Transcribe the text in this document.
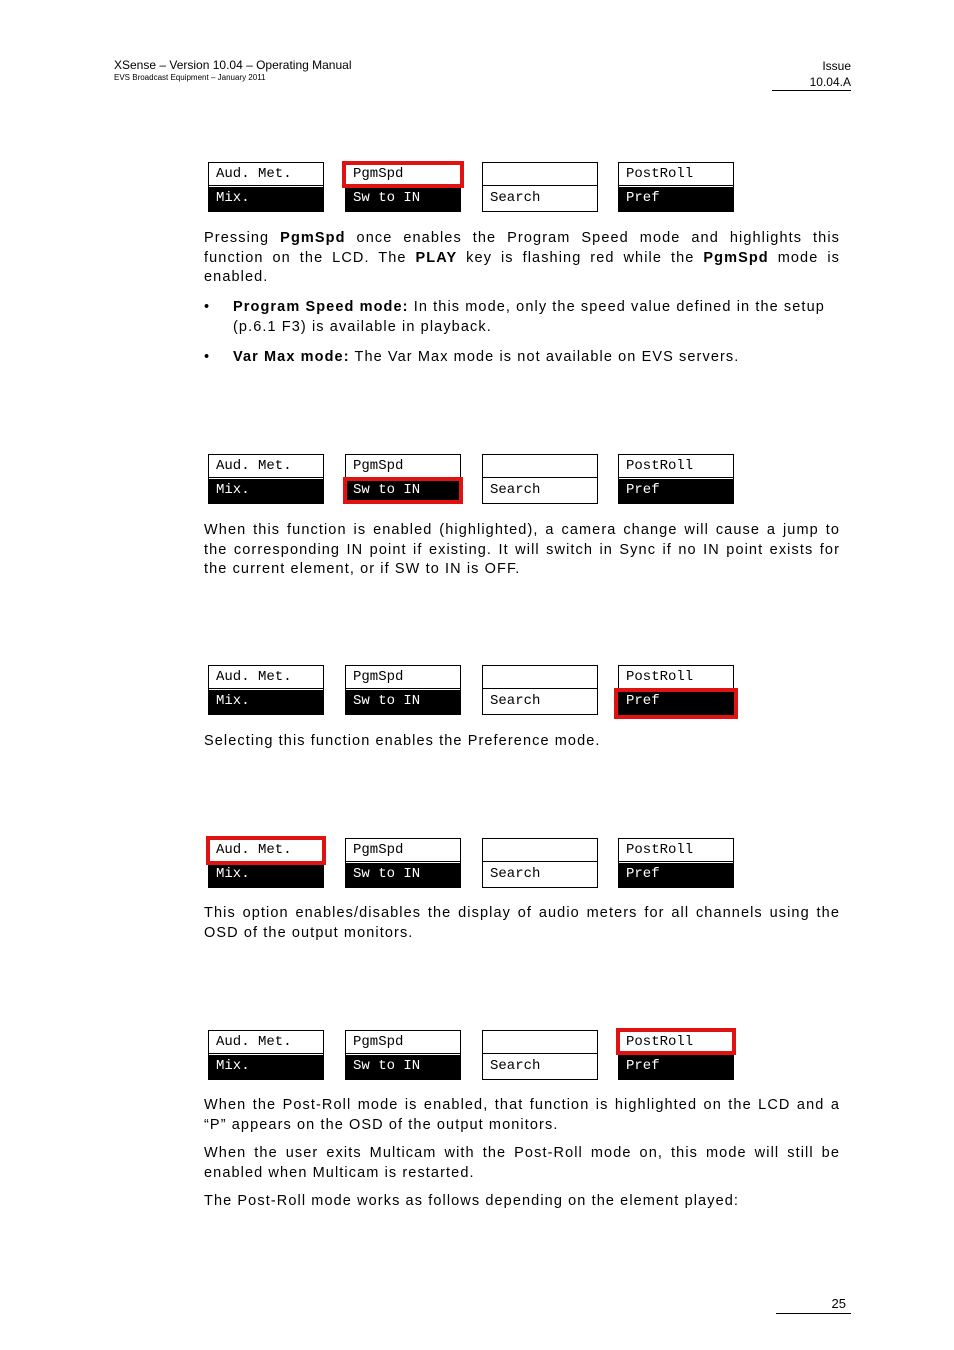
XSense – Version 10.04 – Operating Manual
EVS Broadcast Equipment – January 2011
Issue
10.04.A
Aud. Met.
Mix.
PgmSpd
Sw to IN	Search
PostRoll
Pref
Pressing PgmSpd once enables the Program Speed mode and highlights this function on the LCD. The PLAY key is flashing red while the PgmSpd mode is enabled.
• Program Speed mode: In this mode, only the speed value defined in the setup (p.6.1 F3) is available in playback.
• Var Max mode: The Var Max mode is not available on EVS servers.
Aud. Met.
Mix.
PgmSpd
Sw to IN	Search
PostRoll
Pref
When this function is enabled (highlighted), a camera change will cause a jump to the corresponding IN point if existing. It will switch in Sync if no IN point exists for the current element, or if SW to IN is OFF.
Aud. Met.
Mix.
PgmSpd
Sw to IN	Search
PostRoll
Pref
Selecting this function enables the Preference mode.
Aud. Met.
Mix.
PgmSpd
Sw to IN	Search
PostRoll
Pref
This option enables/disables the display of audio meters for all channels using the OSD of the output monitors.
Aud. Met.
Mix.
PgmSpd
Sw to IN	Search
PostRoll
Pref
When the Post-Roll mode is enabled, that function is highlighted on the LCD and a “P” appears on the OSD of the output monitors.
When the user exits Multicam with the Post-Roll mode on, this mode will still be enabled when Multicam is restarted.
The Post-Roll mode works as follows depending on the element played:
25
